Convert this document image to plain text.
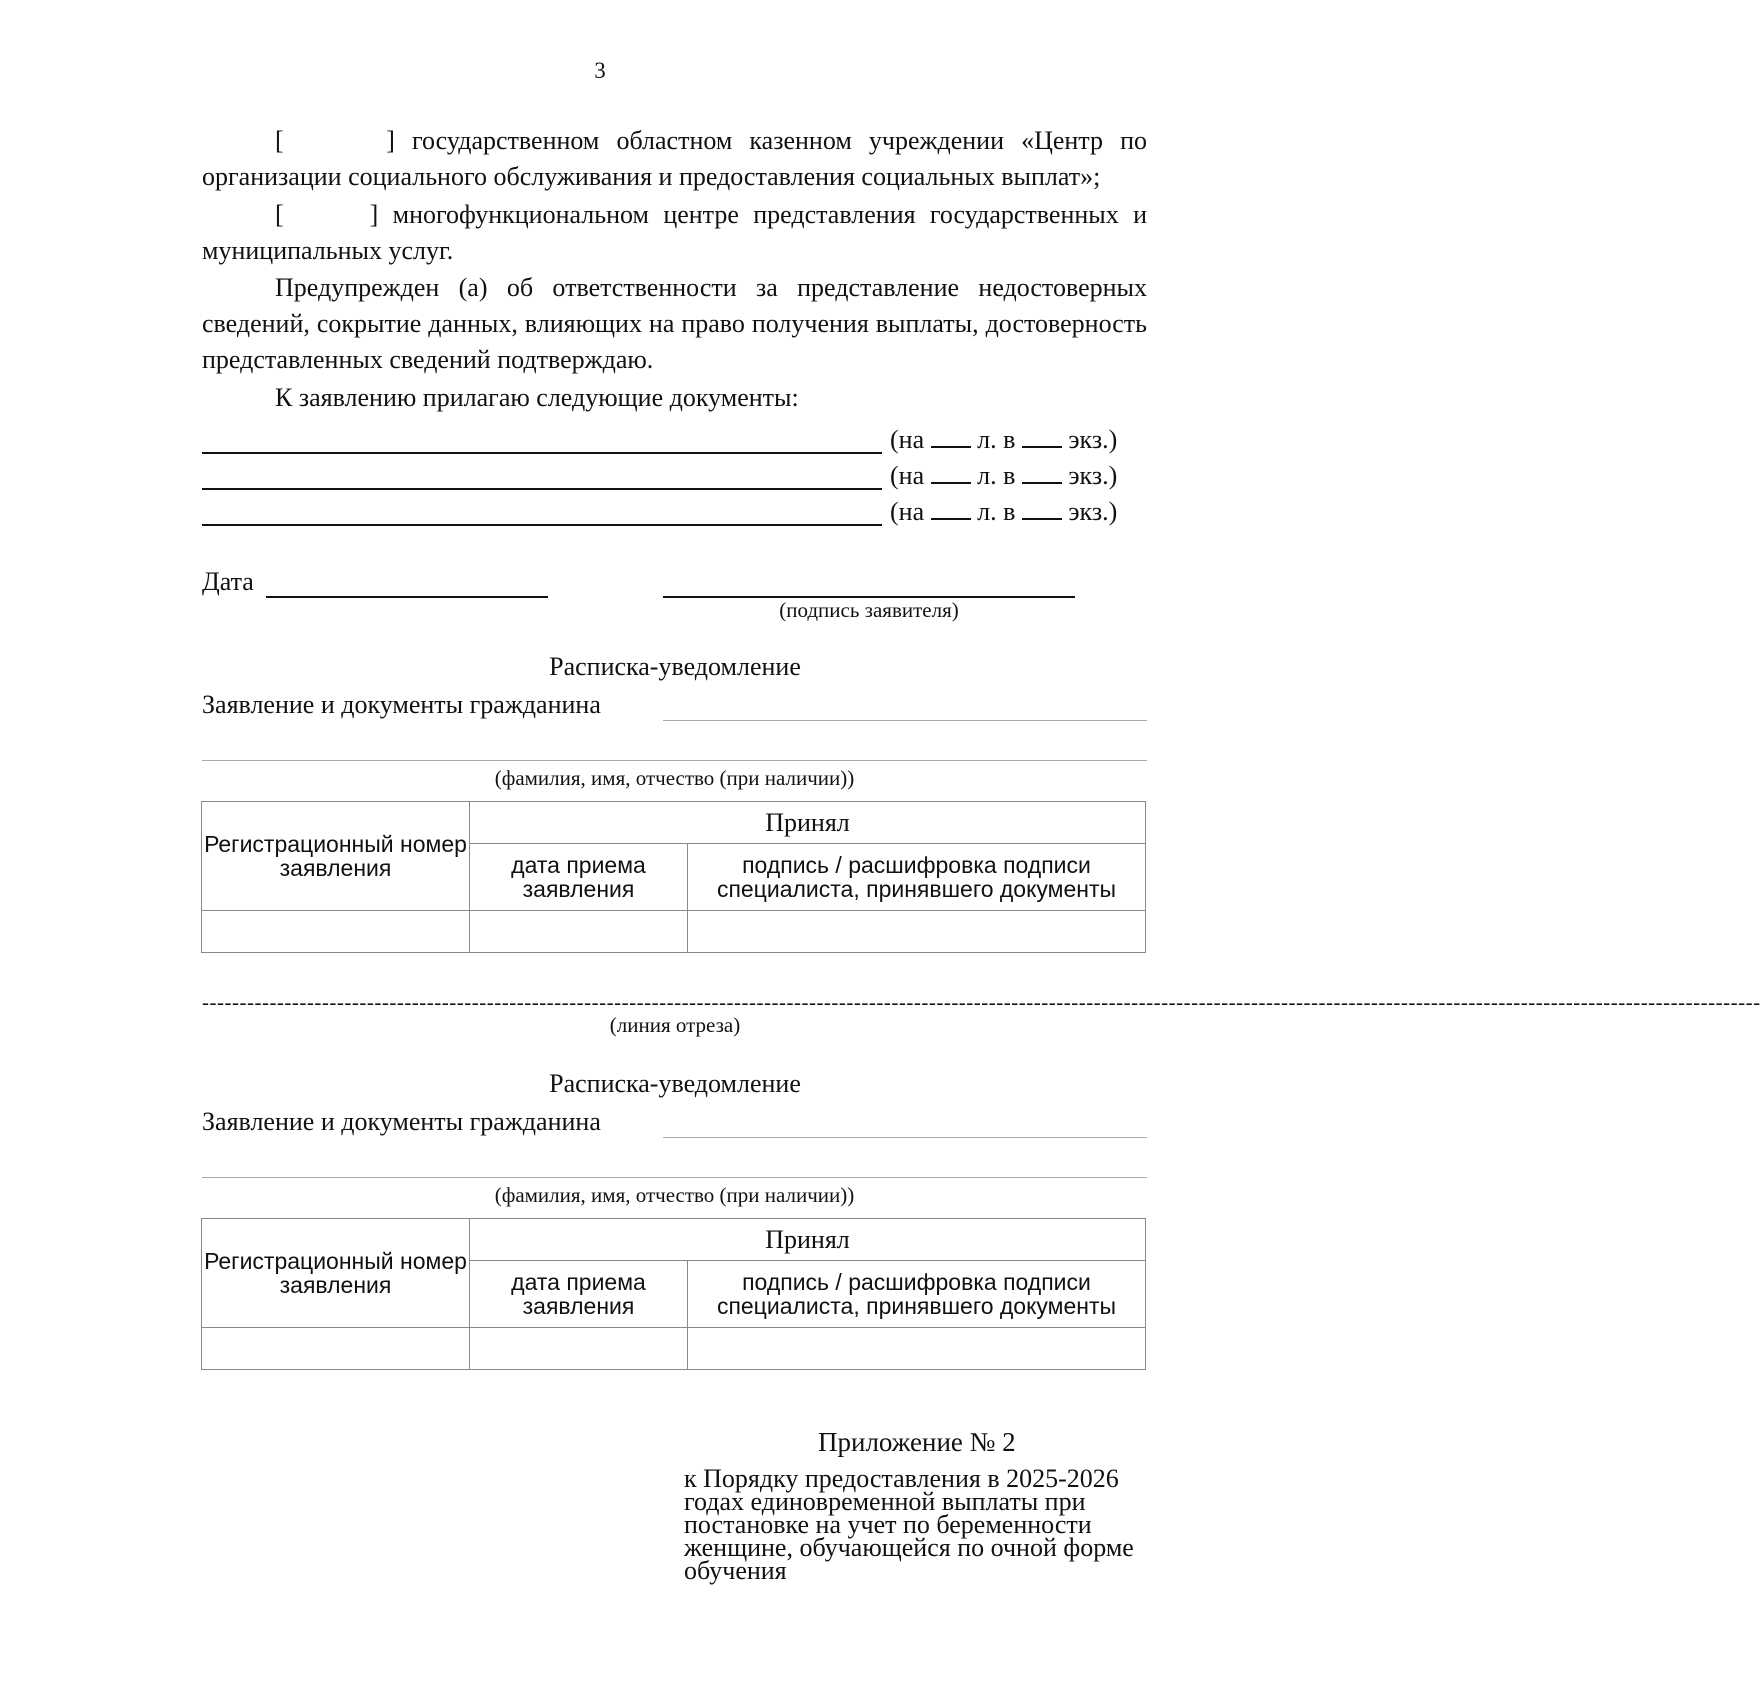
3
[      ] государственном областном казенном учреждении «Центр по организации социального обслуживания и предоставления социальных выплат»;
[      ] многофункциональном центре представления государственных и муниципальных услуг.
Предупрежден (а) об ответственности за представление недостоверных сведений, сокрытие данных, влияющих на право получения выплаты, достоверность представленных сведений подтверждаю.
К заявлению прилагаю следующие документы:
(на л. в экз.)
(на л. в экз.)
(на л. в экз.)
Дата
(подпись заявителя)
Расписка-уведомление
Заявление и документы гражданина
(фамилия, имя, отчество (при наличии))
Регистрационный номер заявления	Принял	
	дата приема заявления	подпись / расшифровка подписи специалиста, принявшего документы

----------------------------------------------------------------------------------------------------------------------------------------------------------------------------------------------------------------
(линия отреза)
Расписка-уведомление
Заявление и документы гражданина
(фамилия, имя, отчество (при наличии))
Регистрационный номер заявления	Принял	
	дата приема заявления	подпись / расшифровка подписи специалиста, принявшего документы

Приложение № 2
к Порядку предоставления в 2025-2026 годах единовременной выплаты при постановке на учет по беременности женщине, обучающейся по очной форме обучения
